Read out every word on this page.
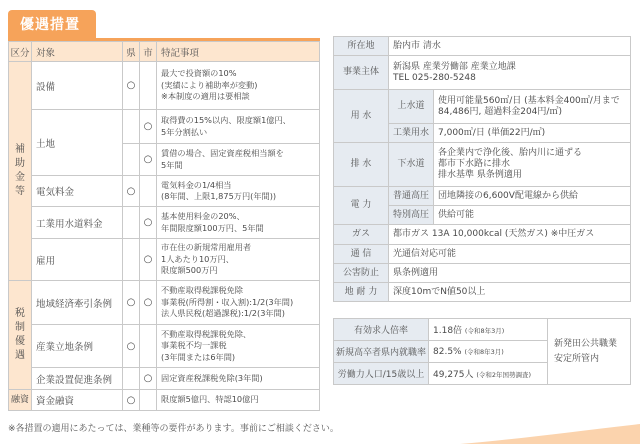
優遇措置
区分	対象	県	市	特記事項
補助金等	設備	○		最大で投資額の10%
(実績により補助率が変動)
※本制度の適用は要相談
	土地		○	取得費の15%以内、限度額1億円、
5年分割払い
			○	賃借の場合、固定資産税相当額を
5年間
	電気料金	○		電気料金の1/4相当
(8年間、上限1,875万円(年間))
	工業用水道料金		○	基本使用料金の20%、
年間限度額100万円、5年間
	雇用		○	市在住の新規常用雇用者
1人あたり10万円、
限度額500万円
税制優遇	地域経済牽引条例	○	○	不動産取得税課税免除
事業税(所得割・収入割):1/2(3年間)
法人県民税(超過課税):1/2(3年間)
	産業立地条例	○		不動産取得税課税免除、
事業税不均一課税
(3年間または6年間)
	企業設置促進条例		○	固定資産税課税免除(3年間)
融資	資金融資	○		限度額5億円、特認10億円
所在地	胎内市 清水	
事業主体	新潟県 産業労働部 産業立地課
TEL 025-280-5248	

用 水	上水道	使用可能量560㎥/日 (基本料金400㎥/月まで84,486円, 超過料金204円/㎥)
	工業用水	7,000㎥/日 (単価22円/㎥)
排 水	下水道	各企業内で浄化後、胎内川に通ずる
都市下水路に排水
排水基準 県条例適用

電 力	普通高圧	団地隣接の6,600V配電線から供給
	特別高圧	供給可能
ガス	都市ガス 13A 10,000kcal (天然ガス) ※中圧ガス	
通 信	光通信対応可能	
公害防止	県条例適用	
地 耐 力	深度10mでN値50以上	
有効求人倍率	1.18倍 (令和8年3月)	新発田公共職業安定所管内
新規高卒者県内就職率	82.5% (令和8年3月)	
労働力人口/15歳以上	49,275人 (令和2年国勢調査)	
※各措置の適用にあたっては、業種等の要件があります。事前にご相談ください。
